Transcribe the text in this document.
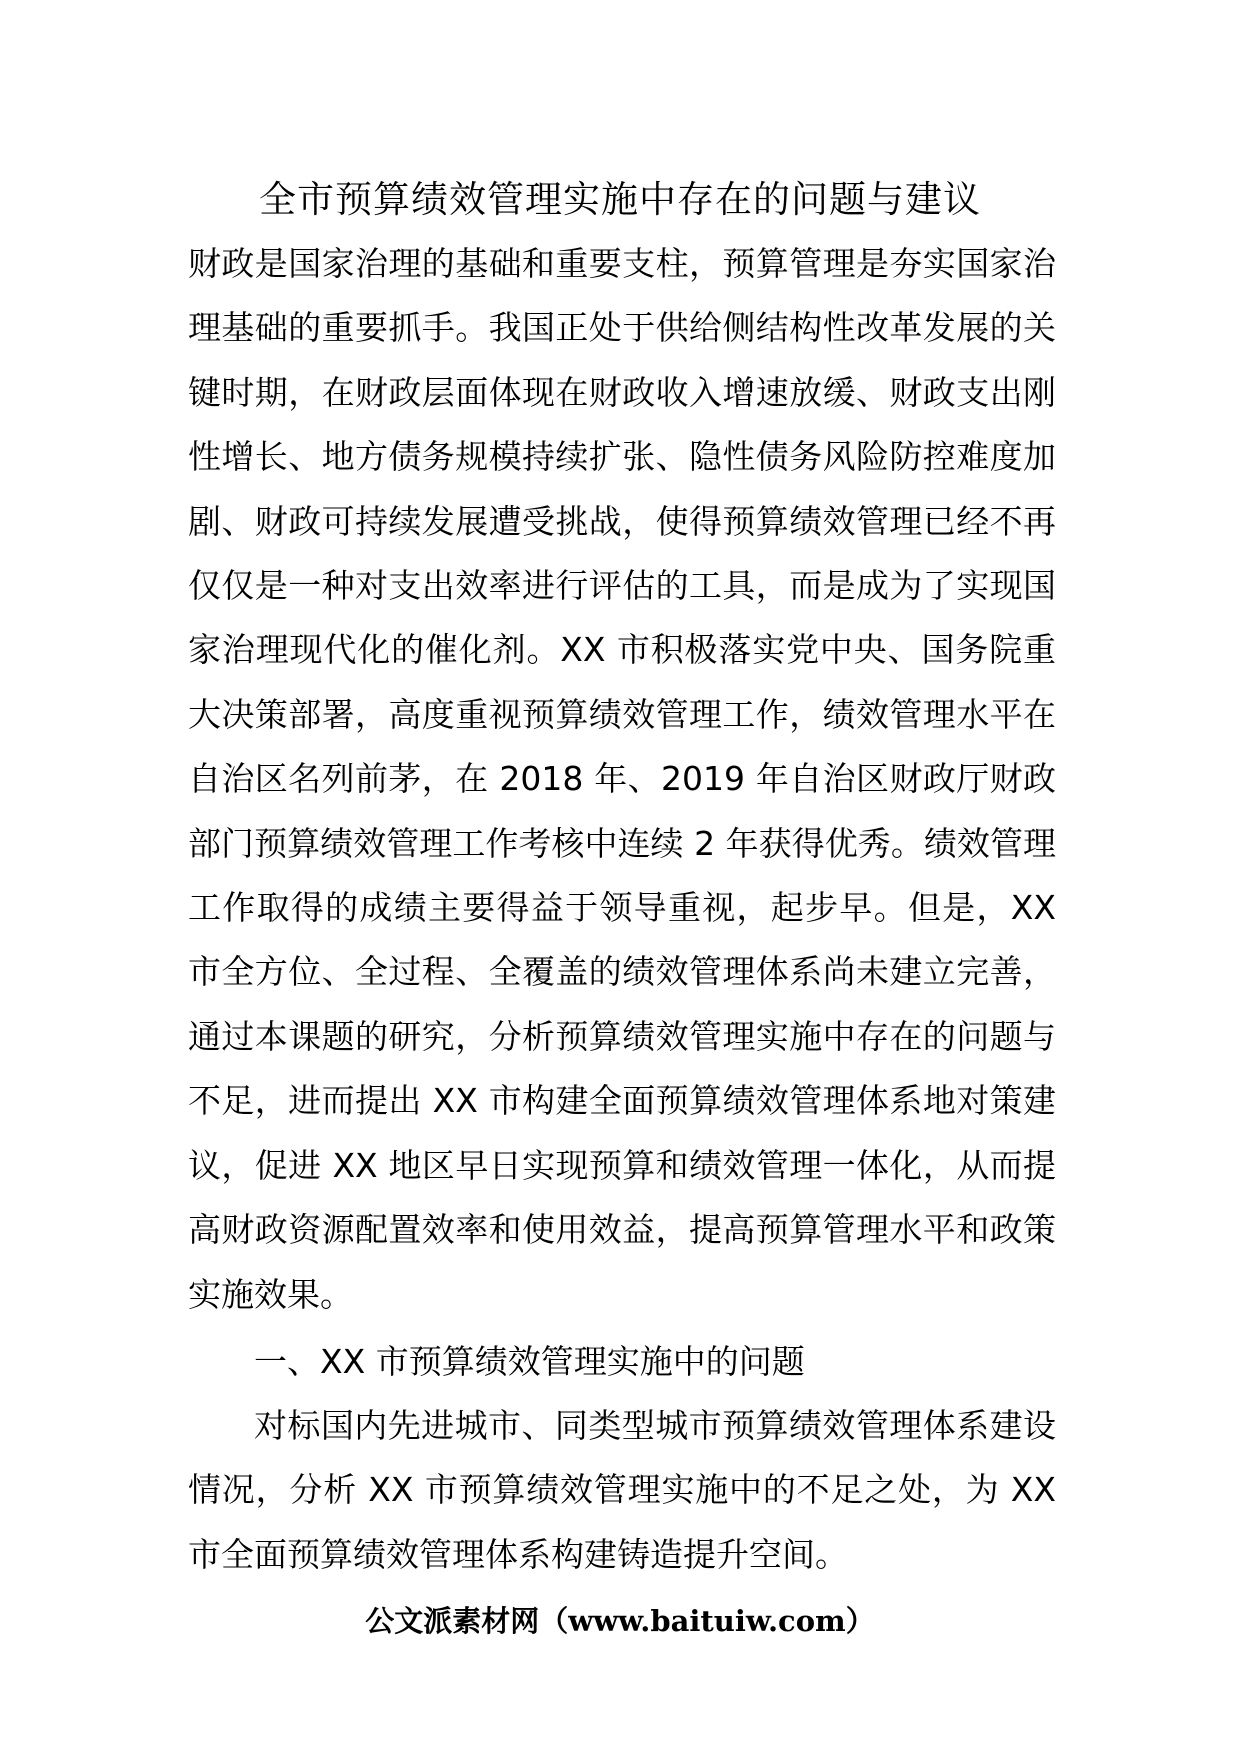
全市预算绩效管理实施中存在的问题与建议

财政是国家治理的基础和重要支柱，预算管理是夯实国家治理基础的重要抓手。我国正处于供给侧结构性改革发展的关键时期，在财政层面体现在财政收入增速放缓、财政支出刚性增长、地方债务规模持续扩张、隐性债务风险防控难度加剧、财政可持续发展遭受挑战，使得预算绩效管理已经不再仅仅是一种对支出效率进行评估的工具，而是成为了实现国家治理现代化的催化剂。XX 市积极落实党中央、国务院重大决策部署，高度重视预算绩效管理工作，绩效管理水平在自治区名列前茅，在 2018 年、2019 年自治区财政厅财政部门预算绩效管理工作考核中连续 2 年获得优秀。绩效管理工作取得的成绩主要得益于领导重视，起步早。但是，XX 市全方位、全过程、全覆盖的绩效管理体系尚未建立完善，通过本课题的研究，分析预算绩效管理实施中存在的问题与不足，进而提出 XX 市构建全面预算绩效管理体系地对策建议，促进 XX 地区早日实现预算和绩效管理一体化，从而提高财政资源配置效率和使用效益，提高预算管理水平和政策实施效果。

一、XX 市预算绩效管理实施中的问题

对标国内先进城市、同类型城市预算绩效管理体系建设情况，分析 XX 市预算绩效管理实施中的不足之处，为 XX 市全面预算绩效管理体系构建铸造提升空间。

公文派素材网（www.baituiw.com）
